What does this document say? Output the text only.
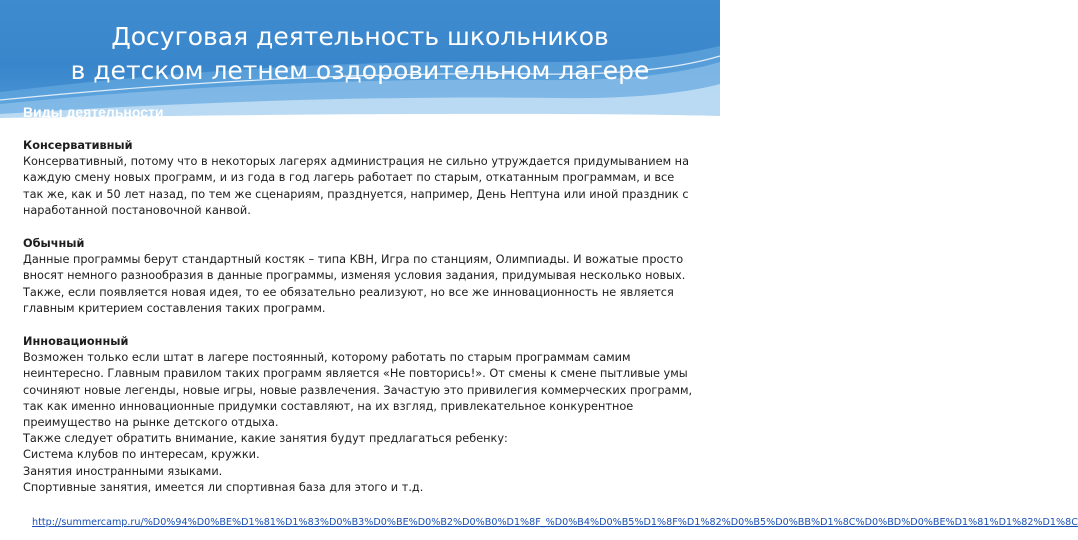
Досуговая деятельность школьников
в детском летнем оздоровительном лагере
Виды деятельности
Консервативный

Консервативный, потому что в некоторых лагерях администрация не сильно утруждается придумыванием на каждую смену новых программ, и из года в год лагерь работает по старым, откатанным программам, и все так же, как и 50 лет назад, по тем же сценариям, празднуется, например, День Нептуна или иной праздник с наработанной постановочной канвой.

Обычный

Данные программы берут стандартный костяк – типа КВН, Игра по станциям, Олимпиады. И вожатые просто вносят немного разнообразия в данные программы, изменяя условия задания, придумывая несколько новых. Также, если появляется новая идея, то ее обязательно реализуют, но все же инновационность не является главным критерием составления таких программ.

Инновационный

Возможен только если штат в лагере постоянный, которому работать по старым программам самим неинтересно. Главным правилом таких программ является «Не повторись!». От смены к смене пытливые умы сочиняют новые легенды, новые игры, новые развлечения. Зачастую это привилегия коммерческих программ, так как именно инновационные придумки составляют, на их взгляд, привлекательное конкурентное преимущество на рынке детского отдыха.

Также следует обратить внимание, какие занятия будут предлагаться ребенку:

Система клубов по интересам, кружки.

Занятия иностранными языками.

Спортивные занятия, имеется ли спортивная база для этого и т.д.

http://summercamp.ru/%D0%94%D0%BE%D1%81%D1%83%D0%B3%D0%BE%D0%B2%D0%B0%D1%8F_%D0%B4%D0%B5%D1%8F%D1%82%D0%B5%D0%BB%D1%8C%D0%BD%D0%BE%D1%81%D1%82%D1%8C
